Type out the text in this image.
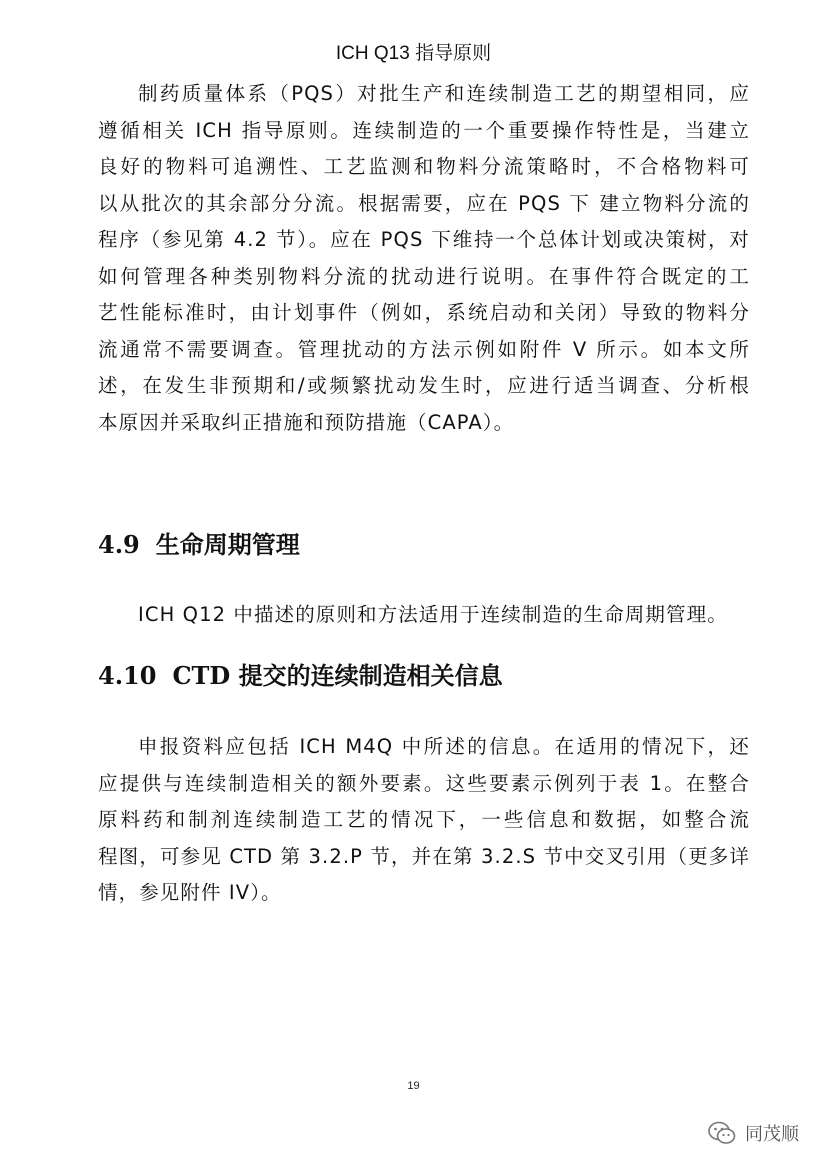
ICH Q13 指导原则
制药质量体系（PQS）对批生产和连续制造工艺的期望相同，应
遵循相关 ICH 指导原则。连续制造的一个重要操作特性是，当建立
良好的物料可追溯性、工艺监测和物料分流策略时，不合格物料可
以从批次的其余部分分流。根据需要，应在 PQS 下 建立物料分流的
程序（参见第 4.2 节）。应在 PQS 下维持一个总体计划或决策树，对
如何管理各种类别物料分流的扰动进行说明。在事件符合既定的工
艺性能标准时，由计划事件（例如，系统启动和关闭）导致的物料分
流通常不需要调查。管理扰动的方法示例如附件 V 所示。如本文所
述，在发生非预期和/或频繁扰动发生时，应进行适当调查、分析根
本原因并采取纠正措施和预防措施（CAPA）。
4.9 生命周期管理
ICH Q12 中描述的原则和方法适用于连续制造的生命周期管理。
4.10 CTD 提交的连续制造相关信息
申报资料应包括 ICH M4Q 中所述的信息。在适用的情况下，还
应提供与连续制造相关的额外要素。这些要素示例列于表 1。在整合
原料药和制剂连续制造工艺的情况下，一些信息和数据，如整合流
程图，可参见 CTD 第 3.2.P 节，并在第 3.2.S 节中交叉引用（更多详
情，参见附件 IV）。
19
同茂顺
